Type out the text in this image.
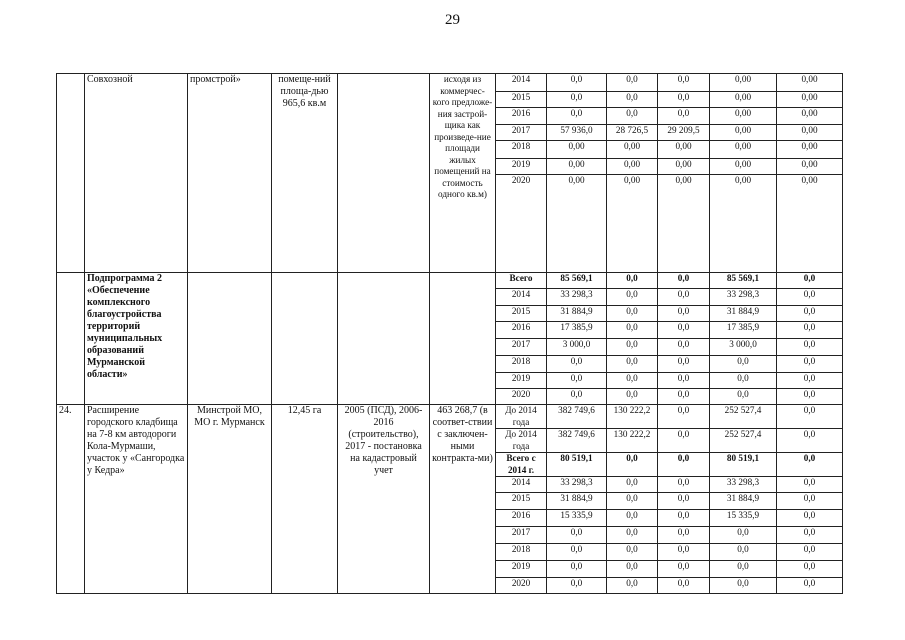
29
	Совхозной	промстрой»	помеще-ний площа-дью 965,6 кв.м		исходя из коммерчес-кого предложе-ния застрой-щика как произведе-ние площади жилых помещений на стоимость одного кв.м)	2014	0,0	0,0	0,0	0,00	0,00
						2015	0,0	0,0	0,0	0,00	0,00
						2016	0,0	0,0	0,0	0,00	0,00
						2017	57 936,0	28 726,5	29 209,5	0,00	0,00
						2018	0,00	0,00	0,00	0,00	0,00
						2019	0,00	0,00	0,00	0,00	0,00
						2020	0,00	0,00	0,00	0,00	0,00
	Подпрограмма 2 «Обеспечение комплексного благоустройства территорий муниципальных образований Мурманской области»					Всего	85 569,1	0,0	0,0	85 569,1	0,0
						2014	33 298,3	0,0	0,0	33 298,3	0,0
						2015	31 884,9	0,0	0,0	31 884,9	0,0
						2016	17 385,9	0,0	0,0	17 385,9	0,0
						2017	3 000,0	0,0	0,0	3 000,0	0,0
						2018	0,0	0,0	0,0	0,0	0,0
						2019	0,0	0,0	0,0	0,0	0,0
						2020	0,0	0,0	0,0	0,0	0,0
24.	Расширение городского кладбища на 7-8 км автодороги Кола-Мурмаши, участок у «Сангородка у Кедра»	Минстрой МО, МО г. Мурманск	12,45 га	2005 (ПСД), 2006-2016 (строительство), 2017 - постановка на кадастровый учет	463 268,7 (в соответ-ствии с заключен-ными контракта-ми)	До 2014 года	382 749,6	130 222,2	0,0	252 527,4	0,0
						До 2014 года	382 749,6	130 222,2	0,0	252 527,4	0,0
						Всего с 2014 г.	80 519,1	0,0	0,0	80 519,1	0,0
						2014	33 298,3	0,0	0,0	33 298,3	0,0
						2015	31 884,9	0,0	0,0	31 884,9	0,0
						2016	15 335,9	0,0	0,0	15 335,9	0,0
						2017	0,0	0,0	0,0	0,0	0,0
						2018	0,0	0,0	0,0	0,0	0,0
						2019	0,0	0,0	0,0	0,0	0,0
						2020	0,0	0,0	0,0	0,0	0,0
